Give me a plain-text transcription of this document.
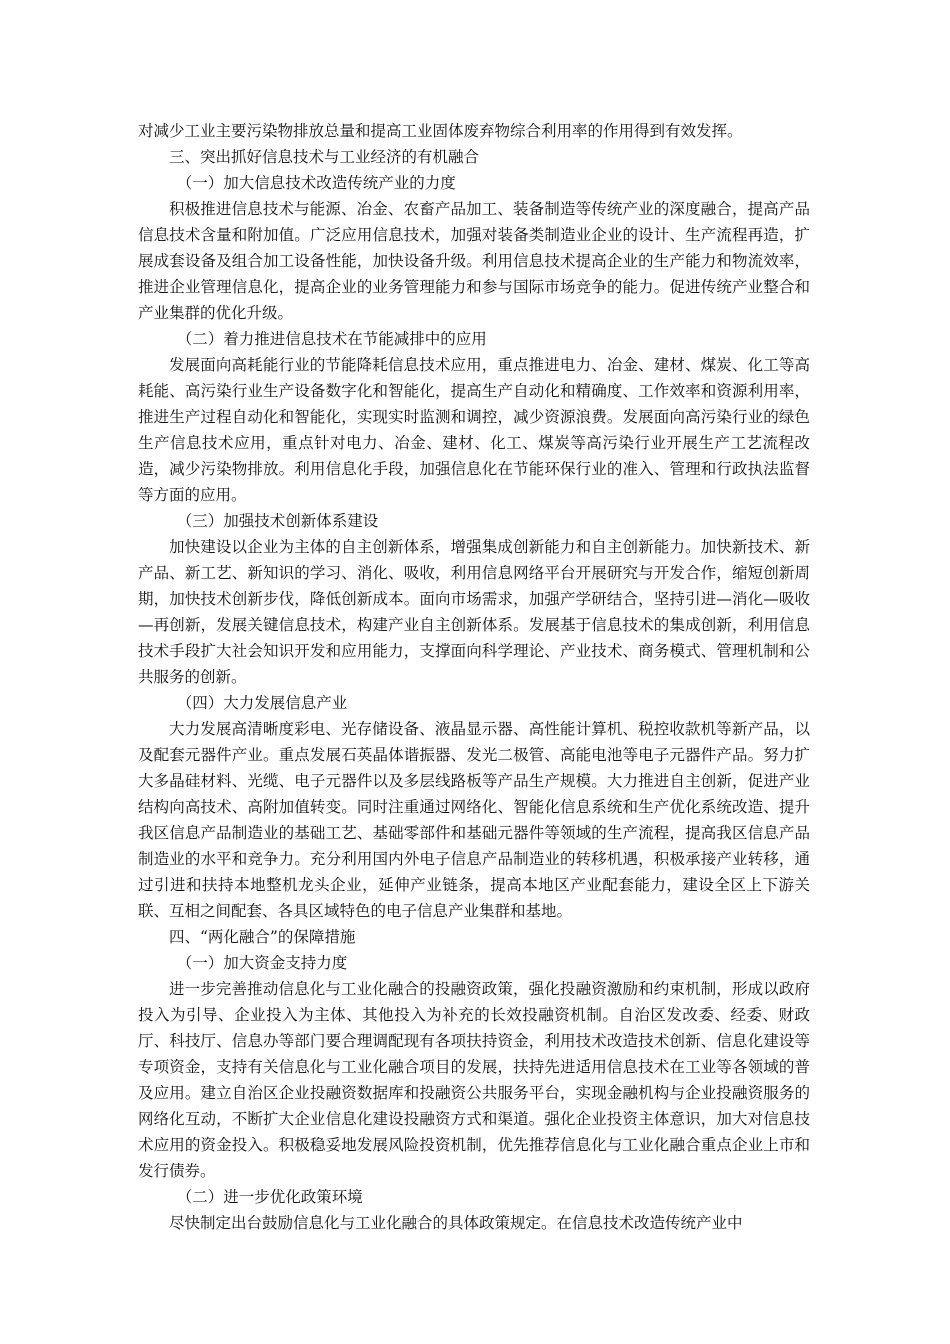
对减少工业主要污染物排放总量和提高工业固体废弃物综合利用率的作用得到有效发挥。

三、突出抓好信息技术与工业经济的有机融合

（一）加大信息技术改造传统产业的力度

积极推进信息技术与能源、冶金、农畜产品加工、装备制造等传统产业的深度融合，提高产品信息技术含量和附加值。广泛应用信息技术，加强对装备类制造业企业的设计、生产流程再造，扩展成套设备及组合加工设备性能，加快设备升级。利用信息技术提高企业的生产能力和物流效率，推进企业管理信息化，提高企业的业务管理能力和参与国际市场竞争的能力。促进传统产业整合和产业集群的优化升级。

（二）着力推进信息技术在节能减排中的应用

发展面向高耗能行业的节能降耗信息技术应用，重点推进电力、冶金、建材、煤炭、化工等高耗能、高污染行业生产设备数字化和智能化，提高生产自动化和精确度、工作效率和资源利用率，推进生产过程自动化和智能化，实现实时监测和调控，减少资源浪费。发展面向高污染行业的绿色生产信息技术应用，重点针对电力、冶金、建材、化工、煤炭等高污染行业开展生产工艺流程改造，减少污染物排放。利用信息化手段，加强信息化在节能环保行业的准入、管理和行政执法监督等方面的应用。

（三）加强技术创新体系建设

加快建设以企业为主体的自主创新体系，增强集成创新能力和自主创新能力。加快新技术、新产品、新工艺、新知识的学习、消化、吸收，利用信息网络平台开展研究与开发合作，缩短创新周期，加快技术创新步伐，降低创新成本。面向市场需求，加强产学研结合，坚持引进—消化—吸收—再创新，发展关键信息技术，构建产业自主创新体系。发展基于信息技术的集成创新，利用信息技术手段扩大社会知识开发和应用能力，支撑面向科学理论、产业技术、商务模式、管理机制和公共服务的创新。

（四）大力发展信息产业

大力发展高清晰度彩电、光存储设备、液晶显示器、高性能计算机、税控收款机等新产品，以及配套元器件产业。重点发展石英晶体谐振器、发光二极管、高能电池等电子元器件产品。努力扩大多晶硅材料、光缆、电子元器件以及多层线路板等产品生产规模。大力推进自主创新，促进产业结构向高技术、高附加值转变。同时注重通过网络化、智能化信息系统和生产优化系统改造、提升我区信息产品制造业的基础工艺、基础零部件和基础元器件等领域的生产流程，提高我区信息产品制造业的水平和竞争力。充分利用国内外电子信息产品制造业的转移机遇，积极承接产业转移，通过引进和扶持本地整机龙头企业，延伸产业链条，提高本地区产业配套能力，建设全区上下游关联、互相之间配套、各具区域特色的电子信息产业集群和基地。

四、“两化融合”的保障措施

（一）加大资金支持力度

进一步完善推动信息化与工业化融合的投融资政策，强化投融资激励和约束机制，形成以政府投入为引导、企业投入为主体、其他投入为补充的长效投融资机制。自治区发改委、经委、财政厅、科技厅、信息办等部门要合理调配现有各项扶持资金，利用技术改造技术创新、信息化建设等专项资金，支持有关信息化与工业化融合项目的发展，扶持先进适用信息技术在工业等各领域的普及应用。建立自治区企业投融资数据库和投融资公共服务平台，实现金融机构与企业投融资服务的网络化互动，不断扩大企业信息化建设投融资方式和渠道。强化企业投资主体意识，加大对信息技术应用的资金投入。积极稳妥地发展风险投资机制，优先推荐信息化与工业化融合重点企业上市和发行债券。

（二）进一步优化政策环境

尽快制定出台鼓励信息化与工业化融合的具体政策规定。在信息技术改造传统产业中
